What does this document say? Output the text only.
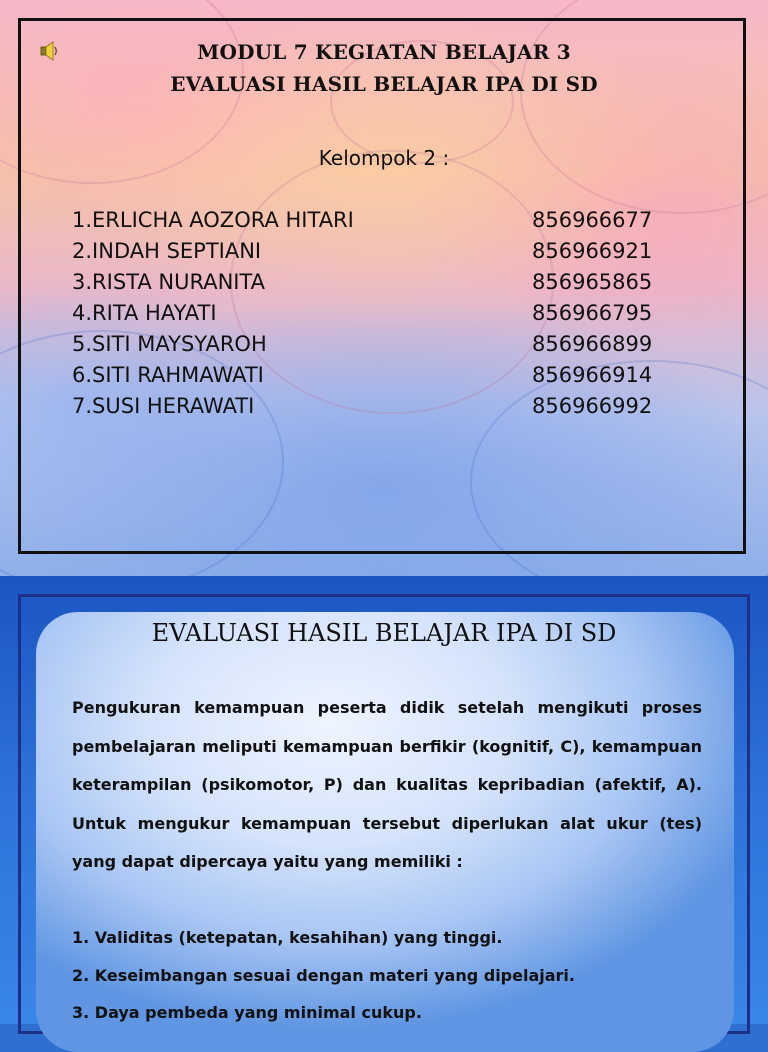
MODUL 7 KEGIATAN BELAJAR 3
EVALUASI HASIL BELAJAR IPA DI SD
Kelompok 2 :
1.ERLICHA AOZORA HITARI	856966677
2.INDAH SEPTIANI	856966921
3.RISTA NURANITA	856965865
4.RITA HAYATI	856966795
5.SITI MAYSYAROH	856966899
6.SITI RAHMAWATI	856966914
7.SUSI HERAWATI	856966992
EVALUASI HASIL BELAJAR IPA DI SD
Pengukuran kemampuan peserta didik setelah mengikuti proses pembelajaran meliputi kemampuan berfikir (kognitif, C), kemampuan keterampilan (psikomotor, P) dan kualitas kepribadian (afektif, A). Untuk mengukur kemampuan tersebut diperlukan alat ukur (tes) yang dapat dipercaya yaitu yang memiliki :
1. Validitas (ketepatan, kesahihan) yang tinggi.
2. Keseimbangan sesuai dengan materi yang dipelajari.
3. Daya pembeda yang minimal cukup.
